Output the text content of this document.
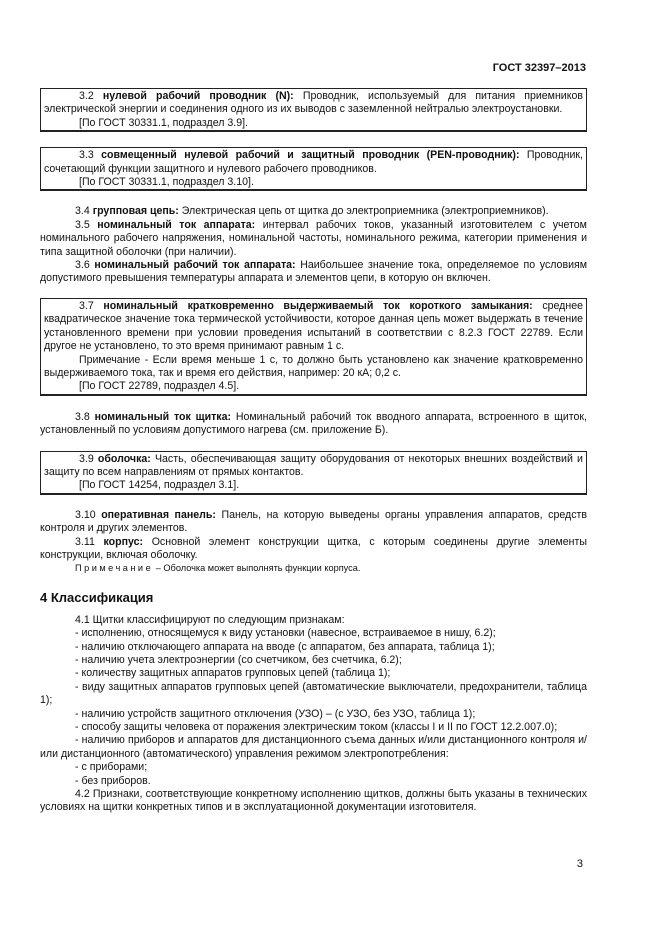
ГОСТ 32397–2013

3.2 нулевой рабочий проводник (N): Проводник, используемый для питания приемников электрической энергии и соединения одного из их выводов с заземленной нейтралью электроустановки.

[По ГОСТ 30331.1, подраздел 3.9].

3.3 совмещенный нулевой рабочий и защитный проводник (PEN-проводник): Проводник, сочетающий функции защитного и нулевого рабочего проводников.

[По ГОСТ 30331.1, подраздел 3.10].

3.4 групповая цепь: Электрическая цепь от щитка до электроприемника (электроприемников).

3.5 номинальный ток аппарата: интервал рабочих токов, указанный изготовителем с учетом номинального рабочего напряжения, номинальной частоты, номинального режима, категории применения и типа защитной оболочки (при наличии).

3.6 номинальный рабочий ток аппарата: Наибольшее значение тока, определяемое по условиям допустимого превышения температуры аппарата и элементов цепи, в которую он включен.

3.7 номинальный кратковременно выдерживаемый ток короткого замыкания: среднее квадратическое значение тока термической устойчивости, которое данная цепь может выдержать в течение установленного времени при условии проведения испытаний в соответствии с 8.2.3 ГОСТ 22789. Если другое не установлено, то это время принимают равным 1 с.

Примечание - Если время меньше 1 с, то должно быть установлено как значение кратковременно выдерживаемого тока, так и время его действия, например: 20 кА; 0,2 с.

[По ГОСТ 22789, подраздел 4.5].

3.8 номинальный ток щитка: Номинальный рабочий ток вводного аппарата, встроенного в щиток, установленный по условиям допустимого нагрева (см. приложение Б).

3.9 оболочка: Часть, обеспечивающая защиту оборудования от некоторых внешних воздействий и защиту по всем направлениям от прямых контактов.

[По ГОСТ 14254, подраздел 3.1].

3.10 оперативная панель: Панель, на которую выведены органы управления аппаратов, средств контроля и других элементов.

3.11 корпус: Основной элемент конструкции щитка, с которым соединены другие элементы конструкции, включая оболочку.

Примечание – Оболочка может выполнять функции корпуса.

4 Классификация

4.1 Щитки классифицируют по следующим признакам:

- исполнению, относящемуся к виду установки (навесное, встраиваемое в нишу, 6.2);

- наличию отключающего аппарата на вводе (с аппаратом, без аппарата, таблица 1);

- наличию учета электроэнергии (со счетчиком, без счетчика, 6.2);

- количеству защитных аппаратов групповых цепей (таблица 1);

- виду защитных аппаратов групповых цепей (автоматические выключатели, предохранители, таблица 1);

- наличию устройств защитного отключения (УЗО) – (с УЗО, без УЗО, таблица 1);

- способу защиты человека от поражения электрическим током (классы I и II по ГОСТ 12.2.007.0);

- наличию приборов и аппаратов для дистанционного съема данных и/или дистанционного контроля и/или дистанционного (автоматического) управления режимом электропотребления:

- с приборами;

- без приборов.

4.2 Признаки, соответствующие конкретному исполнению щитков, должны быть указаны в технических условиях на щитки конкретных типов и в эксплуатационной документации изготовителя.

3
